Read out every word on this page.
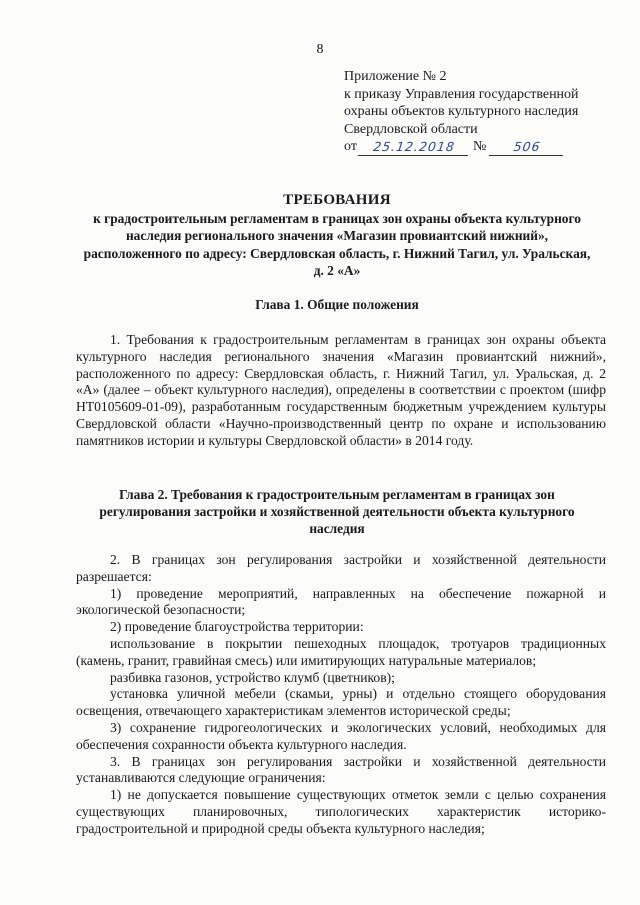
8
Приложение № 2
к приказу Управления государственной
охраны объектов культурного наследия
Свердловской области
от	25.12.2018	№	506
ТРЕБОВАНИЯ
к градостроительным регламентам в границах зон охраны объекта культурного наследия регионального значения «Магазин провиантский нижний», расположенного по адресу: Свердловская область, г. Нижний Тагил, ул. Уральская, д. 2 «А»
Глава 1. Общие положения
1. Требования к градостроительным регламентам в границах зон охраны объекта культурного наследия регионального значения «Магазин провиантский нижний», расположенного по адресу: Свердловская область, г. Нижний Тагил, ул. Уральская, д. 2 «А» (далее – объект культурного наследия), определены в соответствии с проектом (шифр НТ0105609-01-09), разработанным государственным бюджетным учреждением культуры Свердловской области «Научно-производственный центр по охране и использованию памятников истории и культуры Свердловской области» в 2014 году.
Глава 2. Требования к градостроительным регламентам в границах зон регулирования застройки и хозяйственной деятельности объекта культурного наследия
2. В границах зон регулирования застройки и хозяйственной деятельности разрешается:
1) проведение мероприятий, направленных на обеспечение пожарной и экологической безопасности;
2) проведение благоустройства территории:
использование в покрытии пешеходных площадок, тротуаров традиционных (камень, гранит, гравийная смесь) или имитирующих натуральные материалов;
разбивка газонов, устройство клумб (цветников);
установка уличной мебели (скамьи, урны) и отдельно стоящего оборудования освещения, отвечающего характеристикам элементов исторической среды;
3) сохранение гидрогеологических и экологических условий, необходимых для обеспечения сохранности объекта культурного наследия.
3. В границах зон регулирования застройки и хозяйственной деятельности устанавливаются следующие ограничения:
1) не допускается повышение существующих отметок земли с целью сохранения существующих планировочных, типологических характеристик историко-градостроительной и природной среды объекта культурного наследия;
